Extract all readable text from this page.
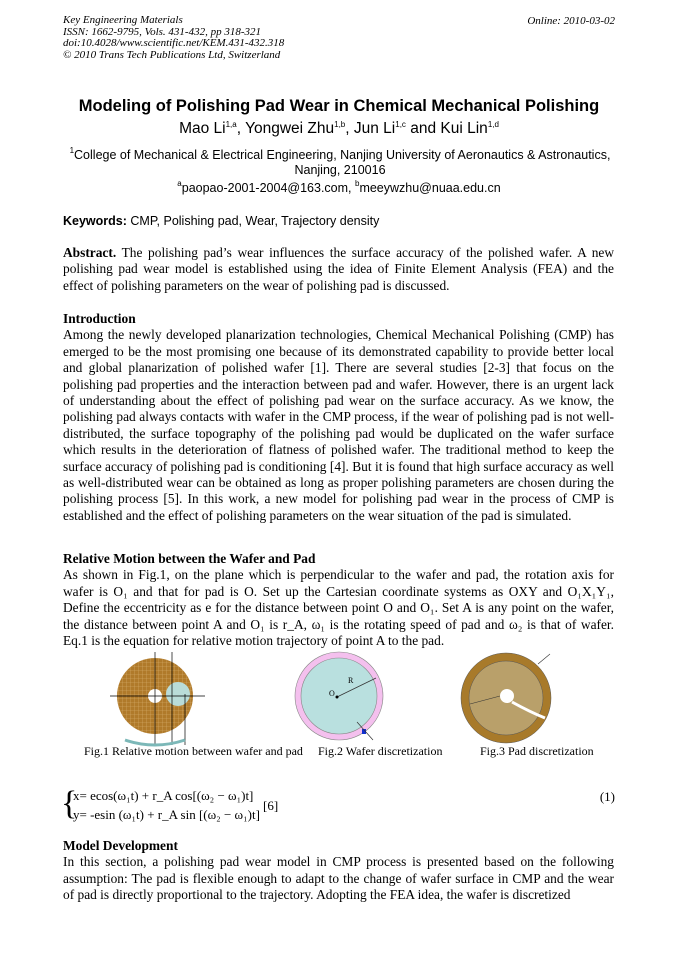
Key Engineering Materials
ISSN: 1662-9795, Vols. 431-432, pp 318-321
doi:10.4028/www.scientific.net/KEM.431-432.318
© 2010 Trans Tech Publications Ltd, Switzerland
Online: 2010-03-02
Modeling of Polishing Pad Wear in Chemical Mechanical Polishing
Mao Li$^{1,a}$, Yongwei Zhu$^{1,b}$, Jun Li$^{1,c}$ and Kui Lin$^{1,d}$
$^1$College of Mechanical & Electrical Engineering, Nanjing University of Aeronautics & Astronautics, Nanjing, 210016
$^a$paopao-2001-2004@163.com, $^b$meeywzhu@nuaa.edu.cn
Keywords: CMP, Polishing pad, Wear, Trajectory density
Abstract. The polishing pad’s wear influences the surface accuracy of the polished wafer. A new polishing pad wear model is established using the idea of Finite Element Analysis (FEA) and the effect of polishing parameters on the wear of polishing pad is discussed.
Introduction
Among the newly developed planarization technologies, Chemical Mechanical Polishing (CMP) has emerged to be the most promising one because of its demonstrated capability to provide better local and global planarization of polished wafer [1]. There are several studies [2-3] that focus on the polishing pad properties and the interaction between pad and wafer. However, there is an urgent lack of understanding about the effect of polishing pad wear on the surface accuracy. As we know, the polishing pad always contacts with wafer in the CMP process, if the wear of polishing pad is not well-distributed, the surface topography of the polishing pad would be duplicated on the wafer surface which results in the deterioration of flatness of polished wafer. The traditional method to keep the surface accuracy of polishing pad is conditioning [4]. But it is found that high surface accuracy as well as well-distributed wear can be obtained as long as proper polishing parameters are chosen during the polishing process [5]. In this work, a new model for polishing pad wear in the process of CMP is established and the effect of polishing parameters on the wear situation of the pad is simulated.
Relative Motion between the Wafer and Pad
As shown in Fig.1, on the plane which is perpendicular to the wafer and pad, the rotation axis for wafer is O₁ and that for pad is O. Set up the Cartesian coordinate systems as OXY and O₁X₁Y₁, Define the eccentricity as e for the distance between point O and O₁. Set A is any point on the wafer, the distance between point A and O₁ is r_A, ω₁ is the rotating speed of pad and ω₂ is that of wafer. Eq.1 is the equation for relative motion trajectory of point A to the pad.
O
R
Fig.1 Relative motion between wafer and pad Fig.2 Wafer discretization	Fig.3 Pad discretization
{
x= ecos(ω₁t) + r_A cos[(ω₂ − ω₁)t]
y= -esin (ω₁t) + r_A sin [(ω₂ − ω₁)t]
[6]
(1)
Model Development
In this section, a polishing pad wear model in CMP process is presented based on the following assumption: The pad is flexible enough to adapt to the change of wafer surface in CMP and the wear of pad is directly proportional to the trajectory. Adopting the FEA idea, the wafer is discretized
